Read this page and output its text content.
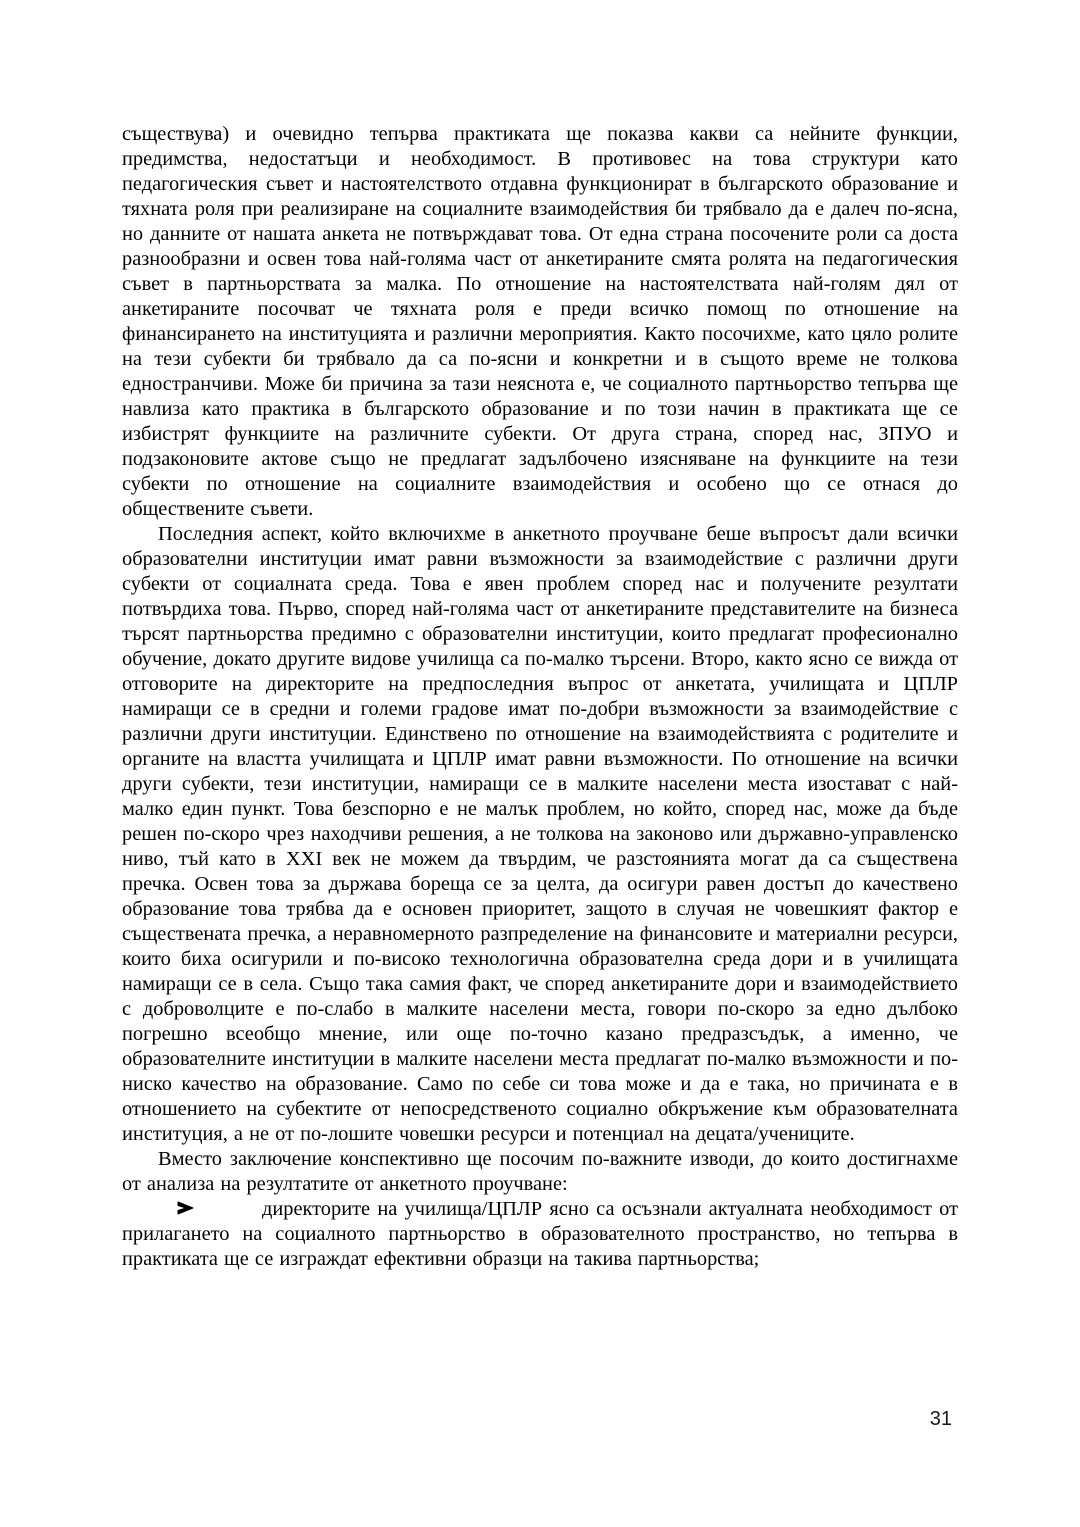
съществува) и очевидно тепърва практиката ще показва какви са нейните функции, предимства, недостатъци и необходимост. В противовес на това структури като педагогическия съвет и настоятелството отдавна функционират в българското образование и тяхната роля при реализиране на социалните взаимодействия би трябвало да е далеч по-ясна, но данните от нашата анкета не потвърждават това. От една страна посочените роли са доста разнообразни и освен това най-голяма част от анкетираните смята ролята на педагогическия съвет в партньорствата за малка. По отношение на настоятелствата най-голям дял от анкетираните посочват че тяхната роля е преди всичко помощ по отношение на финансирането на институцията и различни мероприятия. Както посочихме, като цяло ролите на тези субекти би трябвало да са по-ясни и конкретни и в същото време не толкова едностранчиви. Може би причина за тази неяснота е, че социалното партньорство тепърва ще навлиза като практика в българското образование и по този начин в практиката ще се избистрят функциите на различните субекти. От друга страна, според нас, ЗПУО и подзаконовите актове също не предлагат задълбочено изясняване на функциите на тези субекти по отношение на социалните взаимодействия и особено що се отнася до обществените съвети.

Последния аспект, който включихме в анкетното проучване беше въпросът дали всички образователни институции имат равни възможности за взаимодействие с различни други субекти от социалната среда. Това е явен проблем според нас и получените резултати потвърдиха това. Първо, според най-голяма част от анкетираните представителите на бизнеса търсят партньорства предимно с образователни институции, които предлагат професионално обучение, докато другите видове училища са по-малко търсени. Второ, както ясно се вижда от отговорите на директорите на предпоследния въпрос от анкетата, училищата и ЦПЛР намиращи се в средни и големи градове имат по-добри възможности за взаимодействие с различни други институции. Единствено по отношение на взаимодействията с родителите и органите на властта училищата и ЦПЛР имат равни възможности. По отношение на всички други субекти, тези институции, намиращи се в малките населени места изостават с най-малко един пункт. Това безспорно е не малък проблем, но който, според нас, може да бъде решен по-скоро чрез находчиви решения, а не толкова на законово или държавно-управленско ниво, тъй като в XXI век не можем да твърдим, че разстоянията могат да са съществена пречка. Освен това за държава бореща се за целта, да осигури равен достъп до качествено образование това трябва да е основен приоритет, защото в случая не човешкият фактор е съществената пречка, а неравномерното разпределение на финансовите и материални ресурси, които биха осигурили и по-високо технологична образователна среда дори и в училищата намиращи се в села. Също така самия факт, че според анкетираните дори и взаимодействието с доброволците е по-слабо в малките населени места, говори по-скоро за едно дълбоко погрешно всеобщо мнение, или още по-точно казано предразсъдък, а именно, че образователните институции в малките населени места предлагат по-малко възможности и по-ниско качество на образование. Само по себе си това може и да е така, но причината е в отношението на субектите от непосредственото социално обкръжение към образователната институция, а не от по-лошите човешки ресурси и потенциал на децата/учениците.

Вместо заключение конспективно ще посочим по-важните изводи, до които достигнахме от анализа на резултатите от анкетното проучване:

директорите на училища/ЦПЛР ясно са осъзнали актуалната необходимост от прилагането на социалното партньорство в образователното пространство, но тепърва в практиката ще се изграждат ефективни образци на такива партньорства;

31
